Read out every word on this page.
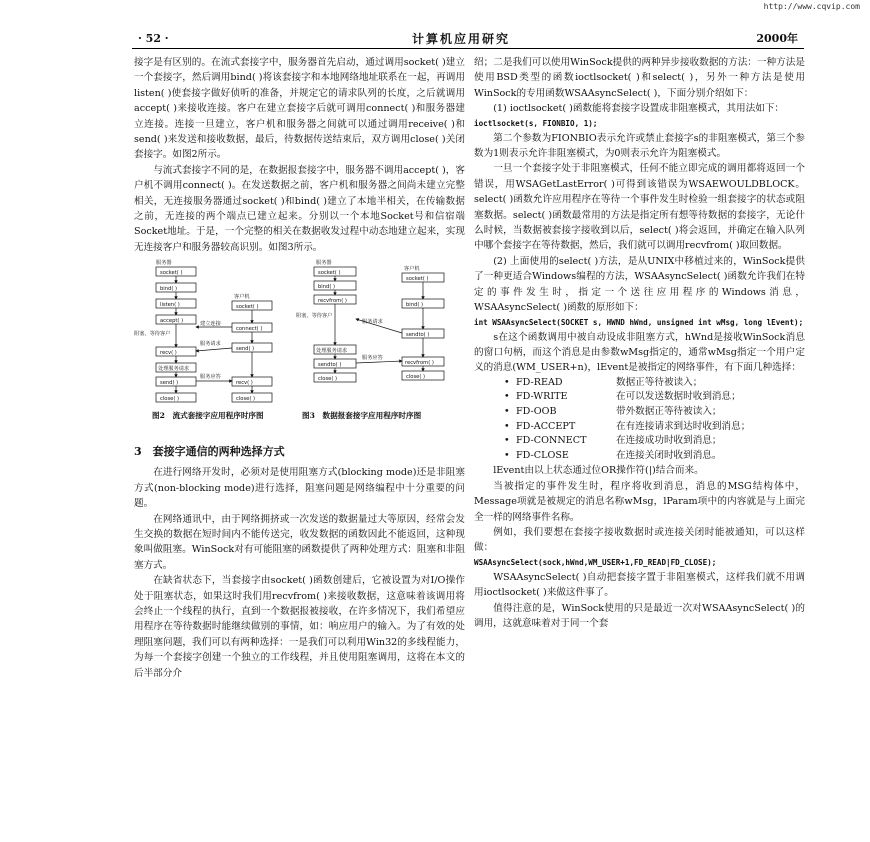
http://www.cqvip.com
· 52 ·	计算机应用研究	2000年

接字是有区别的。在流式套接字中，服务器首先启动，通过调用socket( )建立一个套接字，然后调用bind( )将该套接字和本地网络地址联系在一起，再调用listen( )使套接字做好侦听的准备，并规定它的请求队列的长度，之后就调用accept( )来接收连接。客户在建立套接字后就可调用connect( )和服务器建立连接。连接一旦建立，客户机和服务器之间就可以通过调用receive( )和send( )来发送和接收数据，最后，待数据传送结束后，双方调用close( )关闭套接字。如图2所示。

与流式套接字不同的是，在数据报套接字中，服务器不调用accept( )，客户机不调用connect( )。在发送数据之前，客户机和服务器之间尚未建立完整相关，无连接服务器通过socket( )和bind( )建立了本地半相关，在传输数据之前，无连接的两个端点已建立起来。分别以一个本地Socket号和信宿端Socket地址。于是，一个完整的相关在数据收发过程中动态地建立起来，实现无连接客户和服务器较高识别。如图3所示。

服务器
socket( )
bind( )
listen( )
accept( )
客户机
socket( )
connect( )
阻塞，等待客户
建立连接
recv( )
send( )
服务请求
处理服务请求
send( )
服务应答
recv( )
close( )	close( )
服务器
socket( )
bind( )
recvfrom( )
客户机
socket( )
bind( )
sendto( )
阻塞，等待客户
服务请求
处理服务请求
sendto( )
服务应答
recvfrom( )
close( )	close( )
图2　流式套接字应用程序时序图	图3　数据报套接字应用程序时序图
3　套接字通信的两种选择方式

在进行网络开发时，必须对是使用阻塞方式(blocking mode)还是非阻塞方式(non-blocking mode)进行选择，阻塞问题是网络编程中十分重要的问题。

在网络通讯中，由于网络拥挤或一次发送的数据量过大等原因，经常会发生交换的数据在短时间内不能传送完，收发数据的函数因此不能返回，这种现象叫做阻塞。WinSock对有可能阻塞的函数提供了两种处理方式：阻塞和非阻塞方式。

在缺省状态下，当套接字由socket( )函数创建后，它被设置为对I/O操作处于阻塞状态，如果这时我们用recvfrom( )来接收数据，这意味着该调用将会终止一个线程的执行，直到一个数据报被接收，在许多情况下，我们希望应用程序在等待数据时能继续做别的事情，如：响应用户的输入。为了有效的处理阻塞问题，我们可以有两种选择：一是我们可以利用Win32的多线程能力，为每一个套接字创建一个独立的工作线程，并且使用阻塞调用，这将在本文的后半部分介

绍；二是我们可以使用WinSock提供的两种异步接收数据的方法：一种方法是使用BSD类型的函数ioctlsocket( )和select( )，另外一种方法是使用WinSock的专用函数WSAAsyncSelect( )，下面分别介绍如下：

(1) ioctlsocket( )函数能将套接字设置成非阻塞模式，其用法如下：

ioctlsocket(s, FIONBIO, 1);

第二个参数为FIONBIO表示允许或禁止套接字s的非阻塞模式，第三个参数为1则表示允许非阻塞模式，为0则表示允许为阻塞模式。

一旦一个套接字处于非阻塞模式，任何不能立即完成的调用都将返回一个错误，用WSAGetLastError( )可得到该错误为WSAEWOULDBLOCK。select( )函数允许应用程序在等待一个事件发生时检验一组套接字的状态或阻塞数据。select( )函数最常用的方法是指定所有想等待数据的套接字，无论什么时候，当数据被套接字接收到以后，select( )将会返回，并确定在输入队列中哪个套接字在等待数据，然后，我们就可以调用recvfrom( )取回数据。

(2) 上面使用的select( )方法，是从UNIX中移植过来的，WinSock提供了一种更适合Windows编程的方法，WSAAsyncSelect( )函数允许我们在特定的事件发生时，指定一个送往应用程序的Windows消息，WSAAsyncSelect( )函数的原形如下：

int WSAAsyncSelect(SOCKET s, HWND hWnd, unsigned int wMsg, long lEvent);

s在这个函数调用中被自动设成非阻塞方式，hWnd是接收WinSock消息的窗口句柄，而这个消息是由参数wMsg指定的，通常wMsg指定一个用户定义的消息(WM_USER+n)，lEvent是被指定的网络事件，有下面几种选择：

• FD-READ	数据正等待被读入；
• FD-WRITE	在可以发送数据时收到消息；
• FD-OOB	带外数据正等待被读入；
• FD-ACCEPT	在有连接请求到达时收到消息；
• FD-CONNECT	在连接成功时收到消息；
• FD-CLOSE	在连接关闭时收到消息。

lEvent由以上状态通过位OR操作符(|)结合而来。

当被指定的事件发生时，程序将收到消息，消息的MSG结构体中，Message项就是被规定的消息名称wMsg，lParam项中的内容就是与上面完全一样的网络事件名称。

例如，我们要想在套接字接收数据时或连接关闭时能被通知，可以这样做：

WSAAsyncSelect(sock,hWnd,WM_USER+1,FD_READ|FD_CLOSE);

WSAAsyncSelect( )自动把套接字置于非阻塞模式，这样我们就不用调用ioctlsocket( )来做这件事了。

值得注意的是，WinSock使用的只是最近一次对WSAAsyncSelect( )的调用，这就意味着对于同一个套
